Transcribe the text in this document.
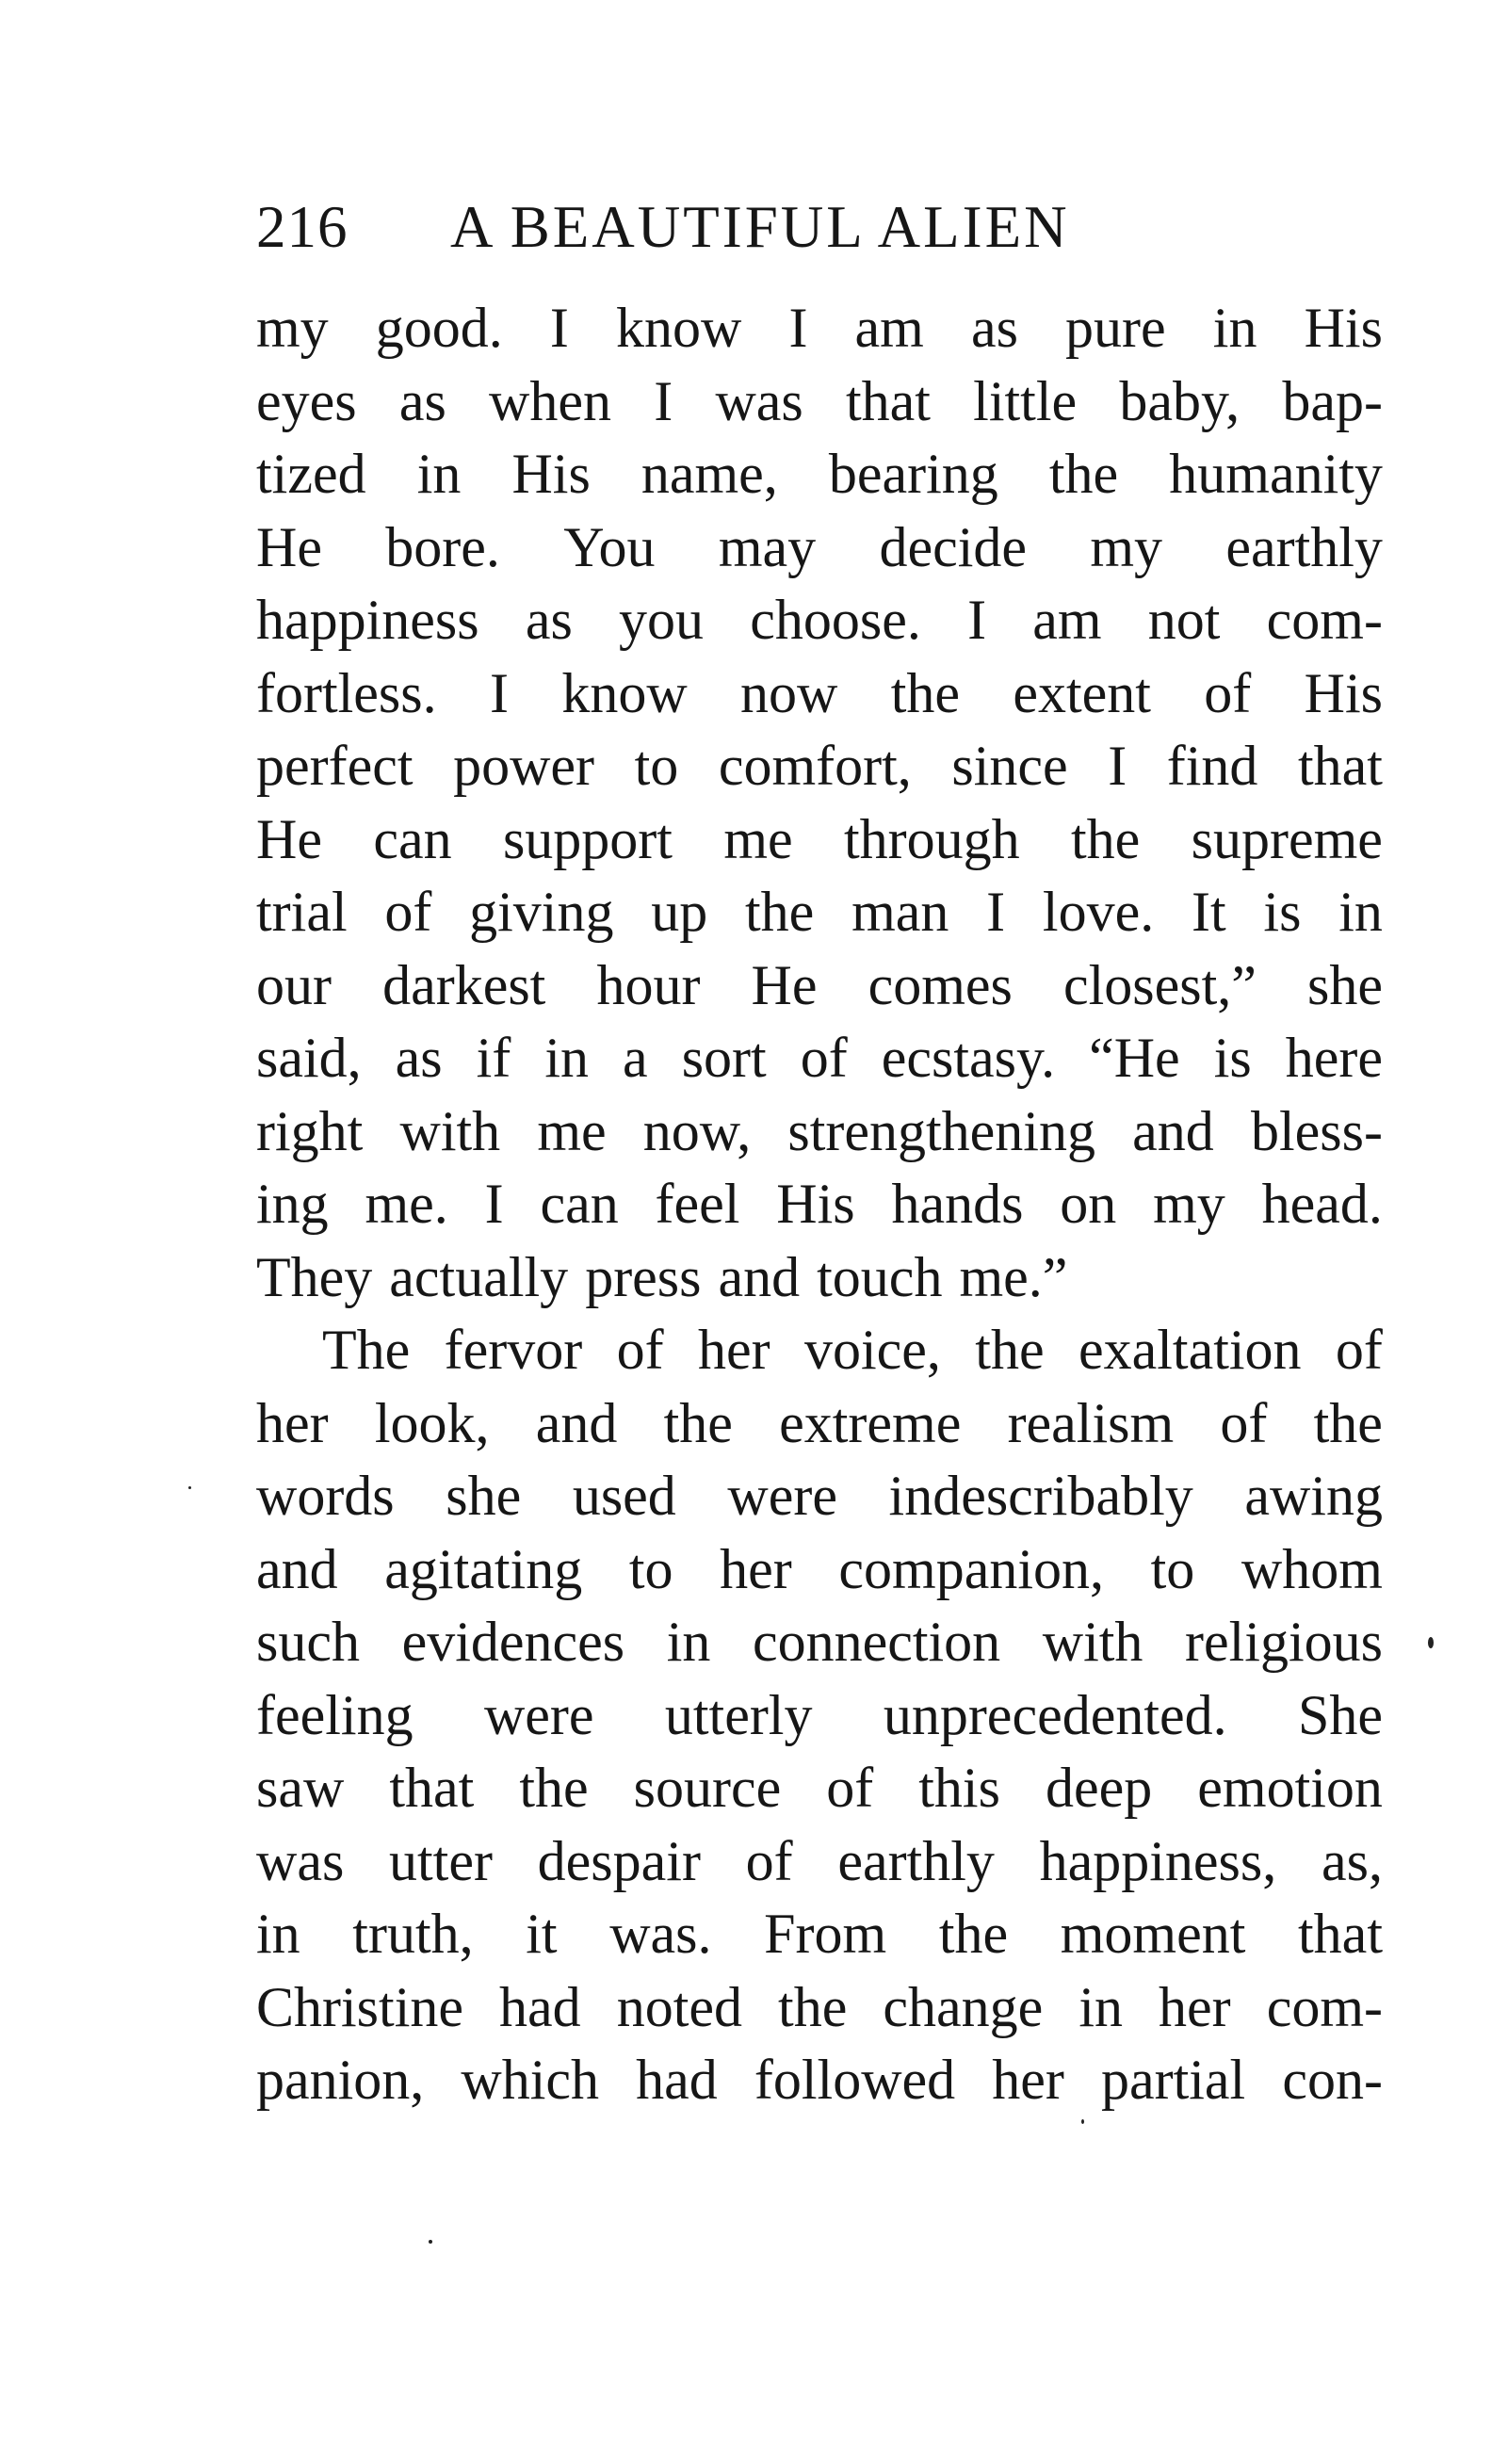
216 A BEAUTIFUL ALIEN
my good. I know I am as pure in His
eyes as when I was that little baby, bap-
tized in His name, bearing the humanity
He bore. You may decide my earthly
happiness as you choose. I am not com-
fortless. I know now the extent of His
perfect power to comfort, since I find that
He can support me through the supreme
trial of giving up the man I love. It is in
our darkest hour He comes closest,” she
said, as if in a sort of ecstasy. “He is here
right with me now, strengthening and bless-
ing me. I can feel His hands on my head.
They actually press and touch me.”
The fervor of her voice, the exaltation of
her look, and the extreme realism of the
words she used were indescribably awing
and agitating to her companion, to whom
such evidences in connection with religious
feeling were utterly unprecedented. She
saw that the source of this deep emotion
was utter despair of earthly happiness, as,
in truth, it was. From the moment that
Christine had noted the change in her com-
panion, which had followed her partial con-
